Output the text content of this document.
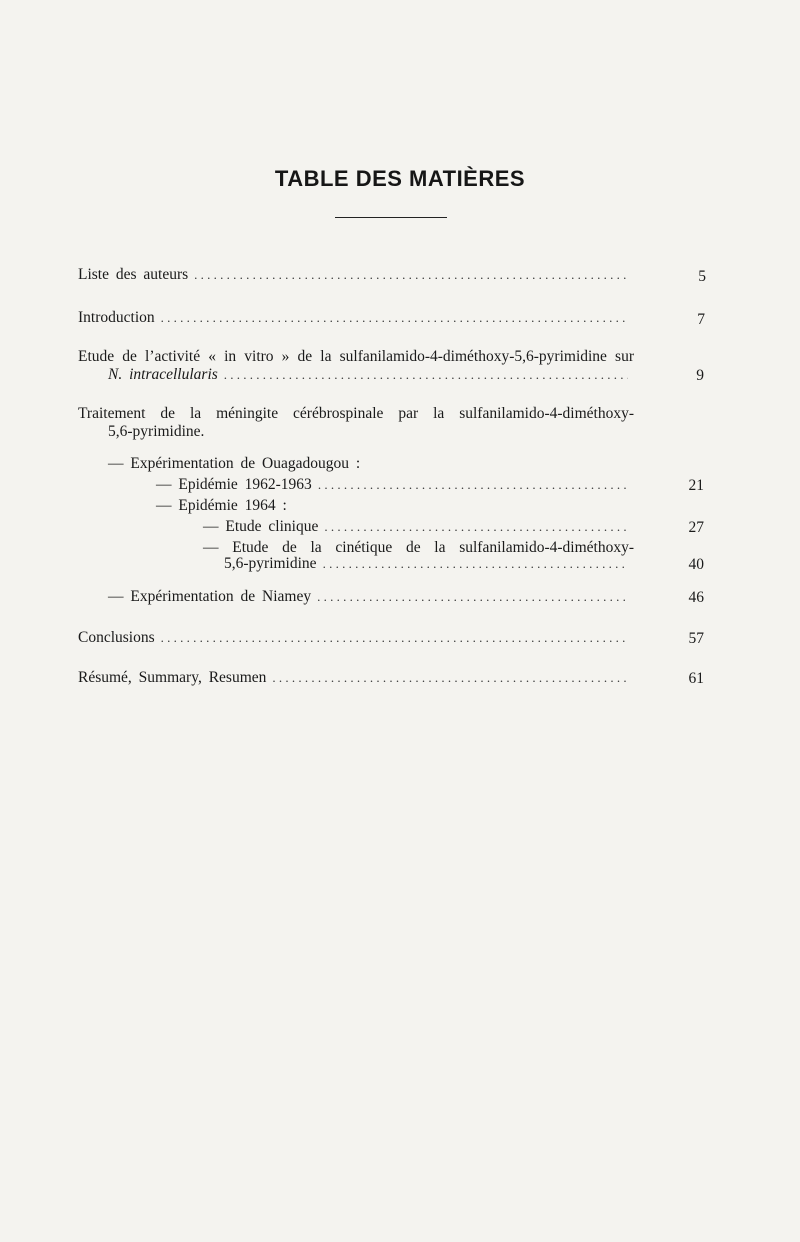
TABLE DES MATIÈRES
Liste des auteurs . . .	5
Introduction . . .	7
Etude de l’activité « in vitro » de la sulfanilamido-4-diméthoxy-5,6-pyrimidine sur
N. intracellularis . . .	9
Traitement de la méningite cérébrospinale par la sulfanilamido-4-diméthoxy-
5,6-pyrimidine.
— Expérimentation de Ouagadougou :
— Epidémie 1962-1963 . . .	21
— Epidémie 1964 :
— Etude clinique . . .	27
— Etude de la cinétique de la sulfanilamido-4-diméthoxy-
5,6-pyrimidine . . .	40
— Expérimentation de Niamey . . .	46
Conclusions . . .	57
Résumé, Summary, Resumen . . .	61
